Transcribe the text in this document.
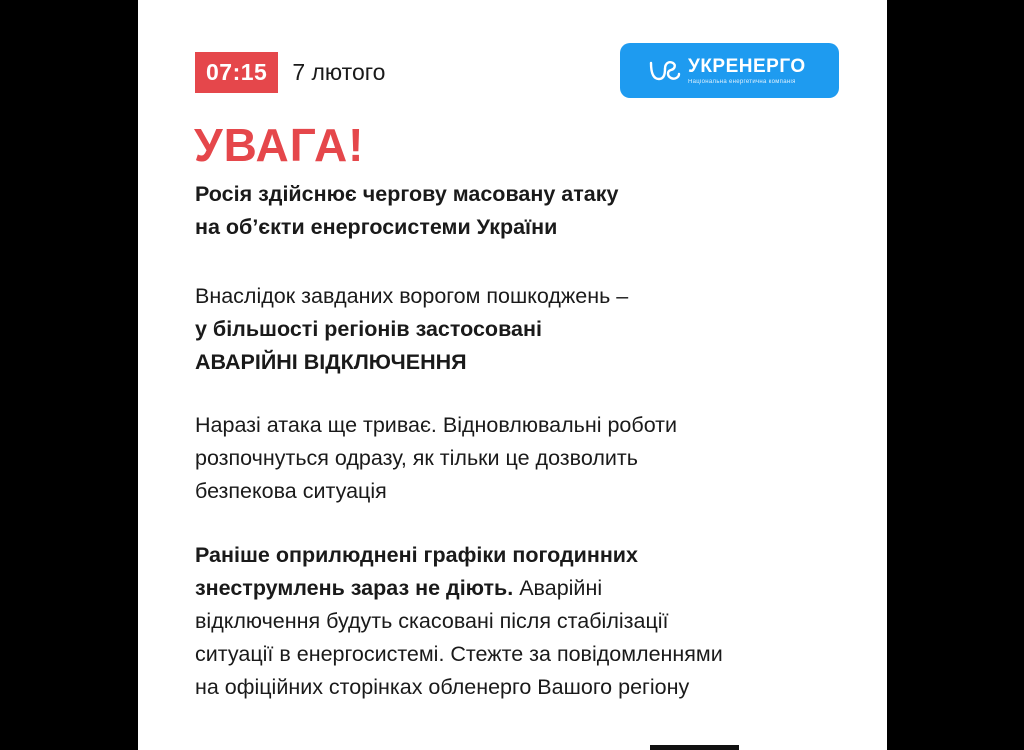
07:15	7 лютого	УКРЕНЕРГО
Національна енергетична компанія
УВАГА!

Росія здійснює чергову масовану атаку
на об’єкти енергосистеми України

Внаслідок завданих ворогом пошкоджень –
у більшості регіонів застосовані
АВАРІЙНІ ВІДКЛЮЧЕННЯ

Наразі атака ще триває. Відновлювальні роботи
розпочнуться одразу, як тільки це дозволить
безпекова ситуація

Раніше оприлюднені графіки погодинних
знеструмлень зараз не діють. Аварійні
відключення будуть скасовані після стабілізації
ситуації в енергосистемі. Стежте за повідомленнями
на офіційних сторінках обленерго Вашого регіону
